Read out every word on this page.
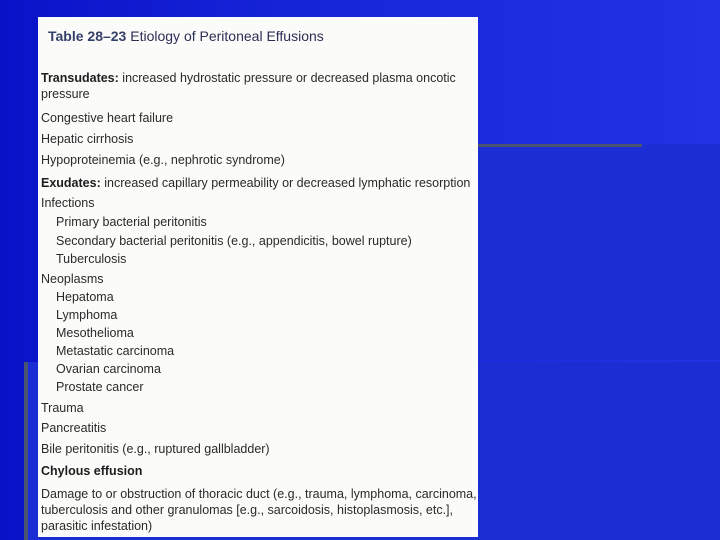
Table 28–23 Etiology of Peritoneal Effusions
Transudates: increased hydrostatic pressure or decreased plasma oncotic pressure
Congestive heart failure
Hepatic cirrhosis
Hypoproteinemia (e.g., nephrotic syndrome)
Exudates: increased capillary permeability or decreased lymphatic resorption
Infections
Primary bacterial peritonitis
Secondary bacterial peritonitis (e.g., appendicitis, bowel rupture)
Tuberculosis
Neoplasms
Hepatoma
Lymphoma
Mesothelioma
Metastatic carcinoma
Ovarian carcinoma
Prostate cancer
Trauma
Pancreatitis
Bile peritonitis (e.g., ruptured gallbladder)
Chylous effusion
Damage to or obstruction of thoracic duct (e.g., trauma, lymphoma, carcinoma, tuberculosis and other granulomas [e.g., sarcoidosis, histoplasmosis, etc.], parasitic infestation)
